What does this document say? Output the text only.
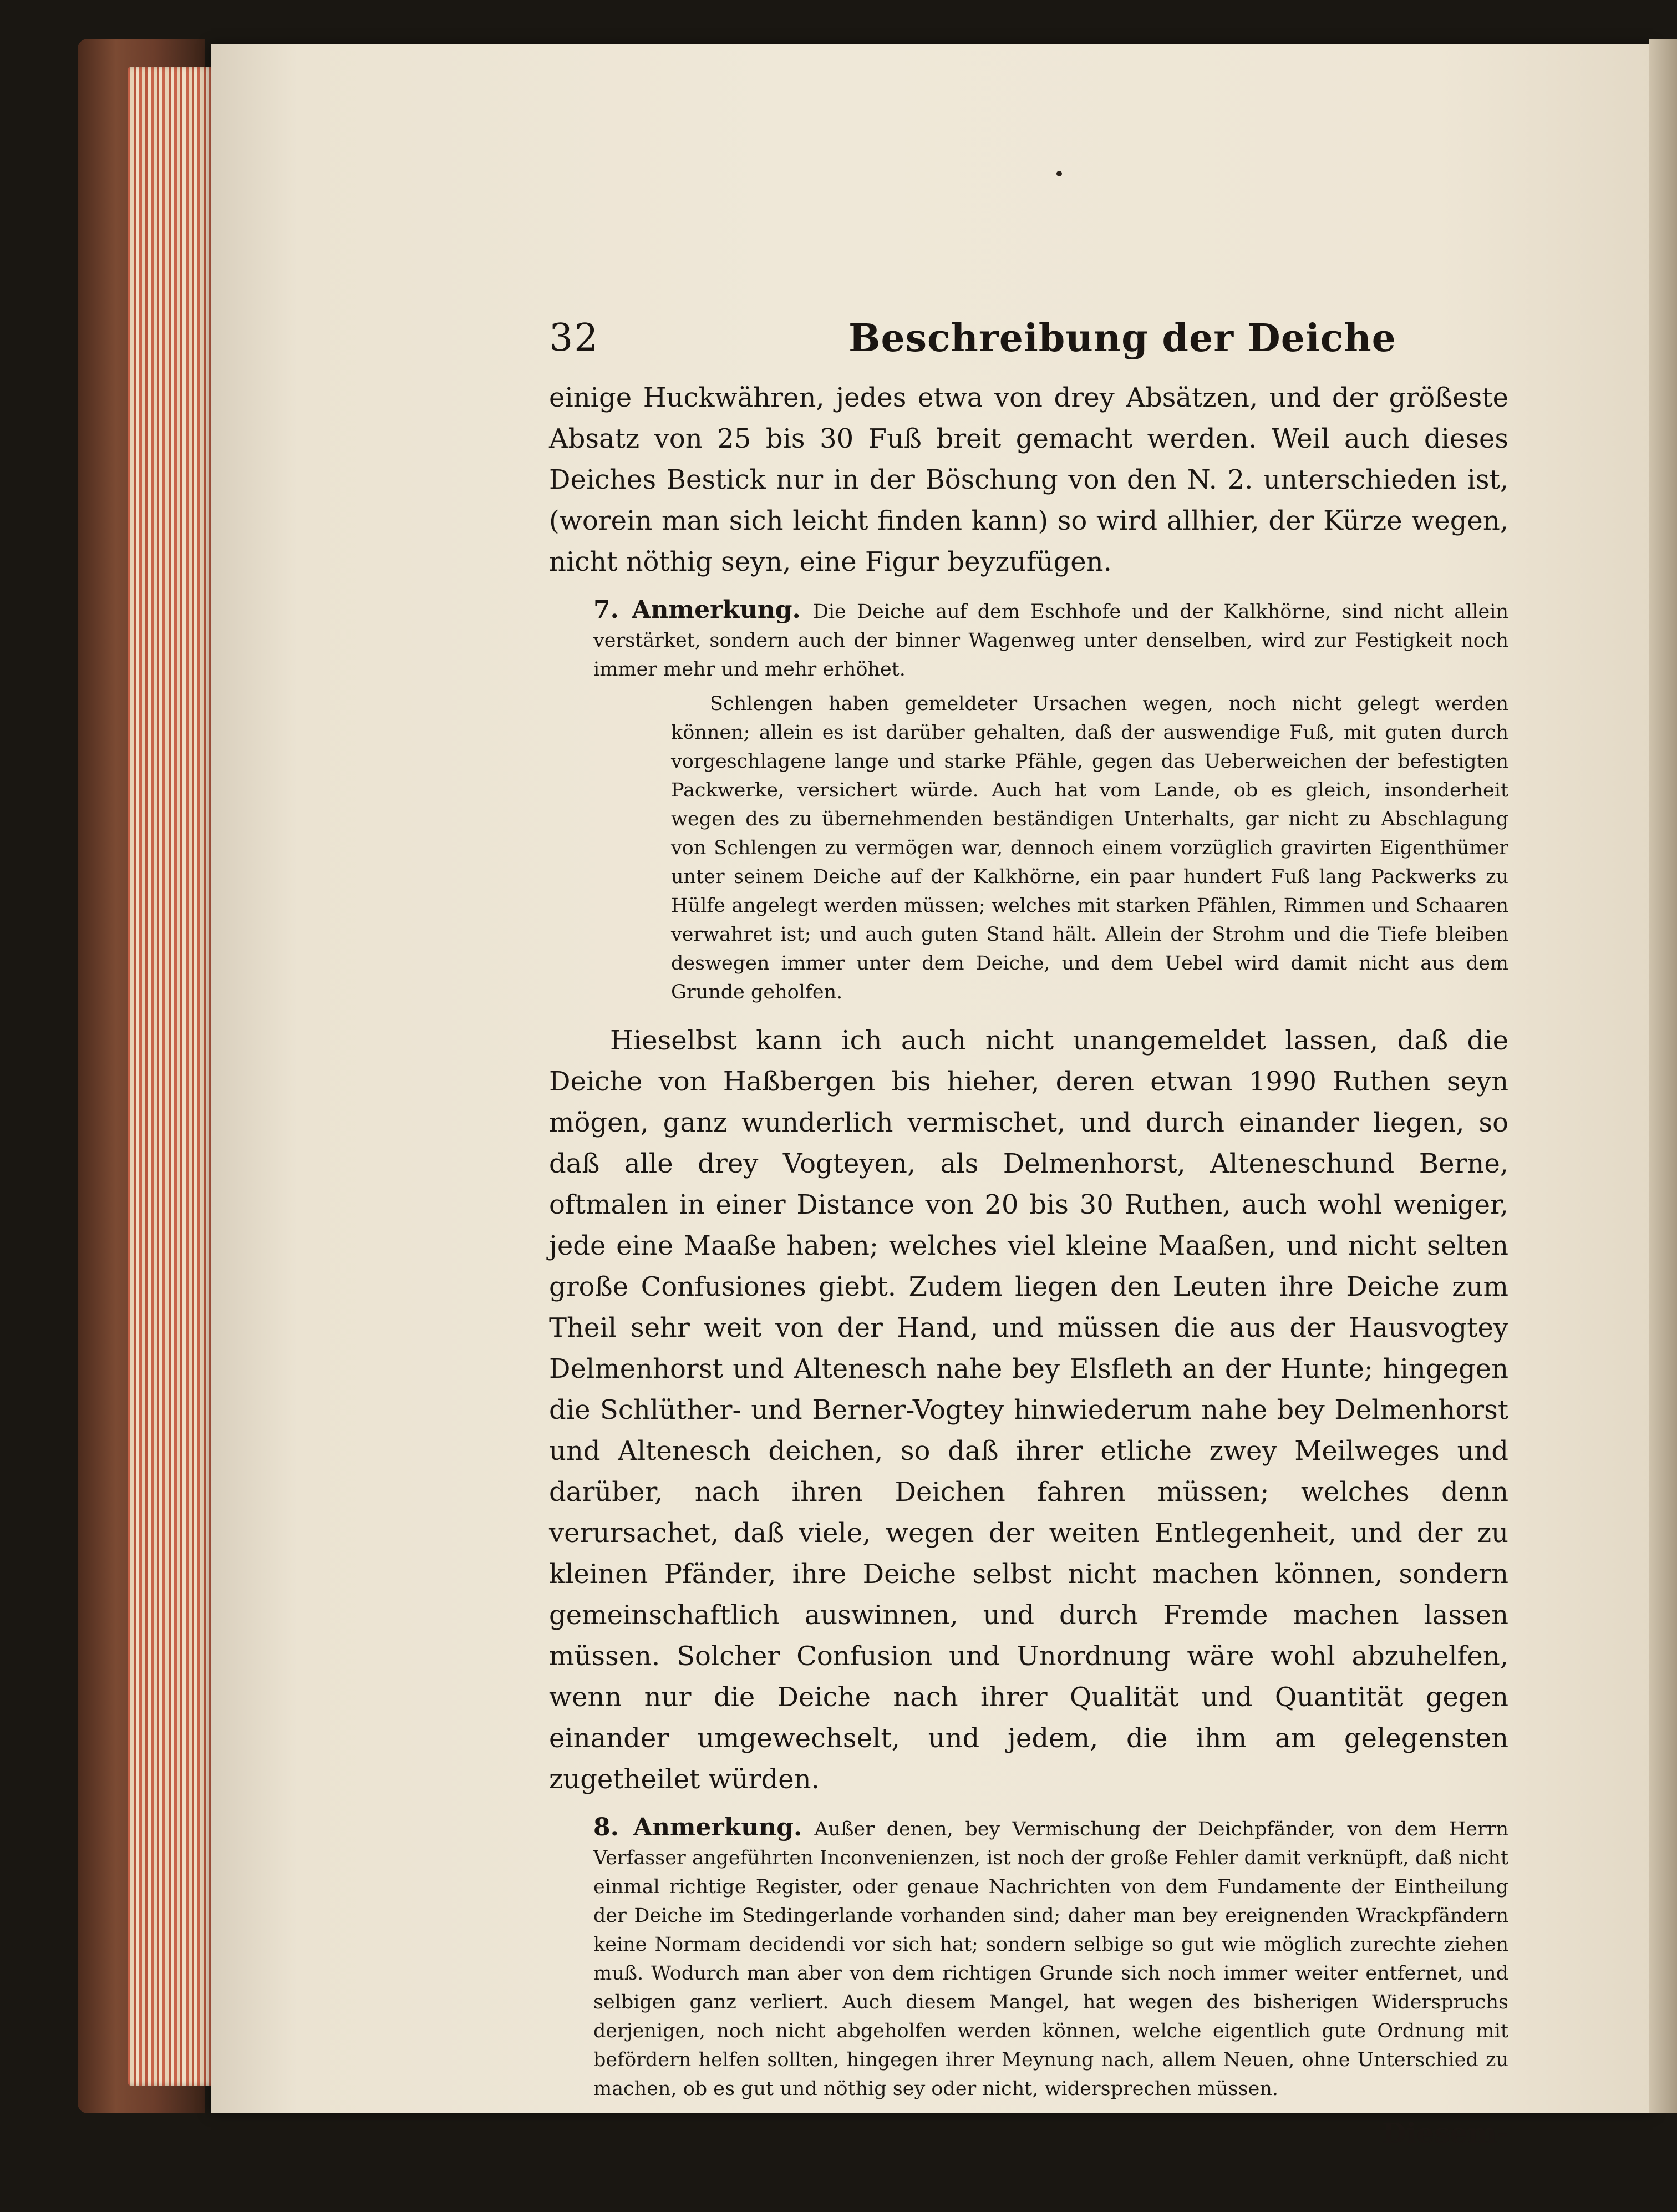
32	Beschreibung der Deiche

einige Huckwähren, jedes etwa von drey Absätzen, und der größeste Absatz von 25 bis 30 Fuß breit gemacht werden. Weil auch dieses Deiches Bestick nur in der Böschung von den N. 2. unterschieden ist, (worein man sich leicht finden kann) so wird allhier, der Kürze wegen, nicht nöthig seyn, eine Figur beyzufügen.

7. Anmerkung. Die Deiche auf dem Eschhofe und der Kalkhörne, sind nicht allein verstärket, sondern auch der binner Wagenweg unter denselben, wird zur Festigkeit noch immer mehr und mehr erhöhet.

Schlengen haben gemeldeter Ursachen wegen, noch nicht gelegt werden können; allein es ist darüber gehalten, daß der auswendige Fuß, mit guten durch vorgeschlagene lange und starke Pfähle, gegen das Ueberweichen der befestigten Packwerke, versichert würde. Auch hat vom Lande, ob es gleich, insonderheit wegen des zu übernehmenden beständigen Unterhalts, gar nicht zu Abschlagung von Schlengen zu vermögen war, dennoch einem vorzüglich gravirten Eigenthümer unter seinem Deiche auf der Kalkhörne, ein paar hundert Fuß lang Packwerks zu Hülfe angelegt werden müssen; welches mit starken Pfählen, Rimmen und Schaaren verwahret ist; und auch guten Stand hält. Allein der Strohm und die Tiefe bleiben deswegen immer unter dem Deiche, und dem Uebel wird damit nicht aus dem Grunde geholfen.

Hieselbst kann ich auch nicht unangemeldet lassen, daß die Deiche von Haßbergen bis hieher, deren etwan 1990 Ruthen seyn mögen, ganz wunderlich vermischet, und durch einander liegen, so daß alle drey Vogteyen, als Delmenhorst, Alteneschund Berne, oftmalen in einer Distance von 20 bis 30 Ruthen, auch wohl weniger, jede eine Maaße haben; welches viel kleine Maaßen, und nicht selten große Confusiones giebt. Zudem liegen den Leuten ihre Deiche zum Theil sehr weit von der Hand, und müssen die aus der Hausvogtey Delmenhorst und Altenesch nahe bey Elsfleth an der Hunte; hingegen die Schlüther- und Berner-Vogtey hinwiederum nahe bey Delmenhorst und Altenesch deichen, so daß ihrer etliche zwey Meilweges und darüber, nach ihren Deichen fahren müssen; welches denn verursachet, daß viele, wegen der weiten Entlegenheit, und der zu kleinen Pfänder, ihre Deiche selbst nicht machen können, sondern gemeinschaftlich auswinnen, und durch Fremde machen lassen müssen. Solcher Confusion und Unordnung wäre wohl abzuhelfen, wenn nur die Deiche nach ihrer Qualität und Quantität gegen einander umgewechselt, und jedem, die ihm am gelegensten zugetheilet würden.

8. Anmerkung. Außer denen, bey Vermischung der Deichpfänder, von dem Herrn Verfasser angeführten Inconvenienzen, ist noch der große Fehler damit verknüpft, daß nicht einmal richtige Register, oder genaue Nachrichten von dem Fundamente der Eintheilung der Deiche im Stedingerlande vorhanden sind; daher man bey ereignenden Wrackpfändern keine Normam decidendi vor sich hat; sondern selbige so gut wie möglich zurechte ziehen muß. Wodurch man aber von dem richtigen Grunde sich noch immer weiter entfernet, und selbigen ganz verliert. Auch diesem Mangel, hat wegen des bisherigen Widerspruchs derjenigen, noch nicht abgeholfen werden können, welche eigentlich gute Ordnung mit befördern helfen sollten, hingegen ihrer Meynung nach, allem Neuen, ohne Unterschied zu machen, ob es gut und nöthig sey oder nicht, widersprechen müssen.

Diesem-
